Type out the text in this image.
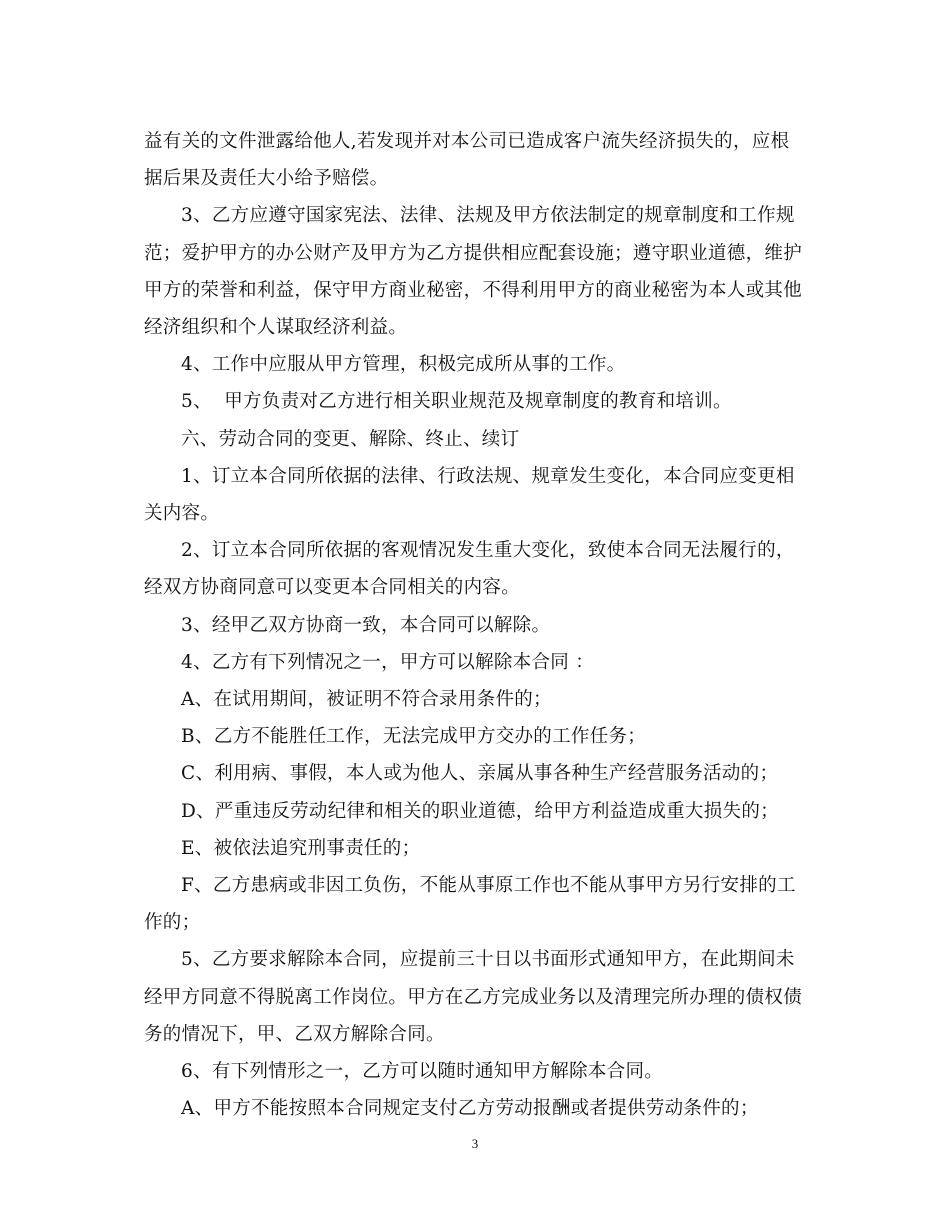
益有关的文件泄露给他人,若发现并对本公司已造成客户流失经济损失的，应根据后果及责任大小给予赔偿。

3、乙方应遵守国家宪法、法律、法规及甲方依法制定的规章制度和工作规范；爱护甲方的办公财产及甲方为乙方提供相应配套设施；遵守职业道德，维护甲方的荣誉和利益，保守甲方商业秘密，不得利用甲方的商业秘密为本人或其他经济组织和个人谋取经济利益。

4、工作中应服从甲方管理，积极完成所从事的工作。

5、  甲方负责对乙方进行相关职业规范及规章制度的教育和培训。

六、劳动合同的变更、解除、终止、续订

1、订立本合同所依据的法律、行政法规、规章发生变化，本合同应变更相关内容。

2、订立本合同所依据的客观情况发生重大变化，致使本合同无法履行的，经双方协商同意可以变更本合同相关的内容。

3、经甲乙双方协商一致，本合同可以解除。

4、乙方有下列情况之一，甲方可以解除本合同 ：

A、在试用期间，被证明不符合录用条件的；

B、乙方不能胜任工作，无法完成甲方交办的工作任务；

C、利用病、事假，本人或为他人、亲属从事各种生产经营服务活动的；

D、严重违反劳动纪律和相关的职业道德，给甲方利益造成重大损失的；

E、被依法追究刑事责任的；

F、乙方患病或非因工负伤，不能从事原工作也不能从事甲方另行安排的工作的；

5、乙方要求解除本合同，应提前三十日以书面形式通知甲方，在此期间未经甲方同意不得脱离工作岗位。甲方在乙方完成业务以及清理完所办理的债权债务的情况下，甲、乙双方解除合同。

6、有下列情形之一，乙方可以随时通知甲方解除本合同。

A、甲方不能按照本合同规定支付乙方劳动报酬或者提供劳动条件的；

3
